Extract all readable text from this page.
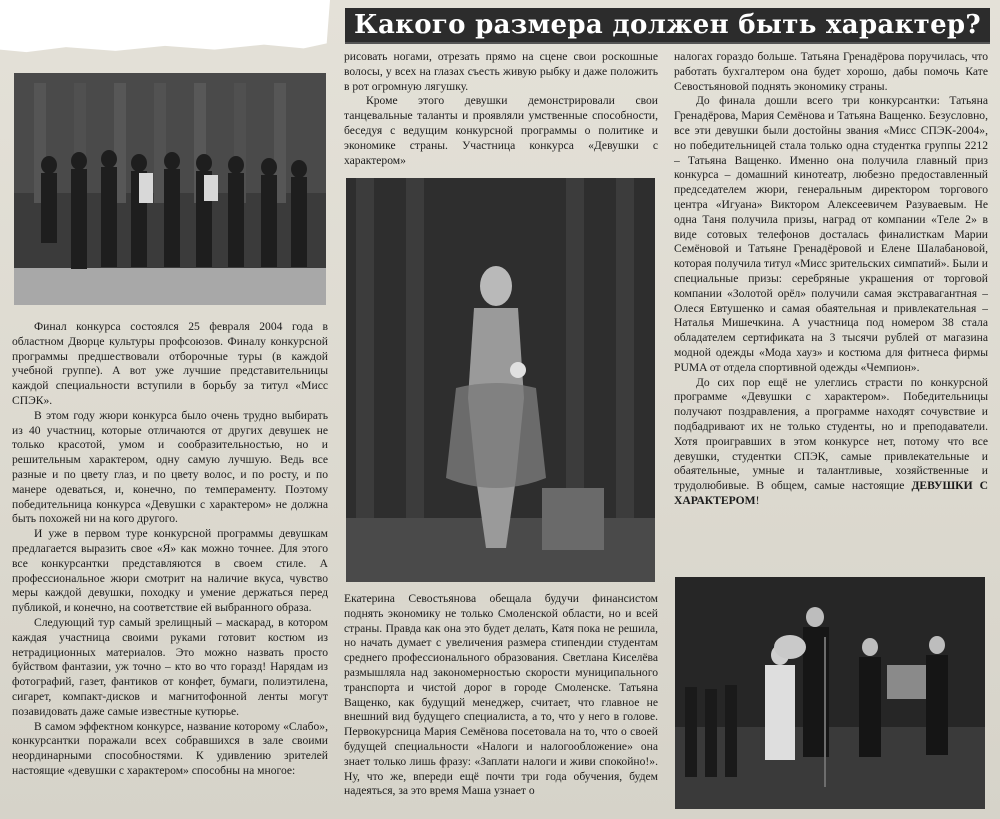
Какого размера должен быть характер?

Финал конкурса состоялся 25 февраля 2004 года в областном Дворце культуры профсоюзов. Финалу конкурсной программы предшествовали отборочные туры (в каждой учебной группе). А вот уже лучшие представительницы каждой специальности вступили в борьбу за титул «Мисс СПЭК».

В этом году жюри конкурса было очень трудно выбирать из 40 участниц, которые отличаются от других девушек не только красотой, умом и сообразительностью, но и решительным характером, одну самую лучшую. Ведь все разные и по цвету глаз, и по цвету волос, и по росту, и по манере одеваться, и, конечно, по темпераменту. Поэтому победительница конкурса «Девушки с характером» не должна быть похожей ни на кого другого.

И уже в первом туре конкурсной программы девушкам предлагается выразить свое «Я» как можно точнее. Для этого все конкурсантки представляются в своем стиле. А профессиональное жюри смотрит на наличие вкуса, чувство меры каждой девушки, походку и умение держаться перед публикой, и конечно, на соответствие ей выбранного образа.

Следующий тур самый зрелищный – маскарад, в котором каждая участница своими руками готовит костюм из нетрадиционных материалов. Это можно назвать просто буйством фантазии, уж точно – кто во что горазд! Нарядам из фотографий, газет, фантиков от конфет, бумаги, полиэтилена, сигарет, компакт-дисков и магнитофонной ленты могут позавидовать даже самые известные кутюрье.

В самом эффектном конкурсе, название которому «Слабо», конкурсантки поражали всех собравшихся в зале своими неординарными способностями. К удивлению зрителей настоящие «девушки с характером» способны на многое:

рисовать ногами, отрезать прямо на сцене свои роскошные волосы, у всех на глазах съесть живую рыбку и даже положить в рот огромную лягушку.

Кроме этого девушки демонстрировали свои танцевальные таланты и проявляли умственные способности, беседуя с ведущим конкурсной программы о политике и экономике страны. Участница конкурса «Девушки с характером»

Екатерина Севостьянова обещала будучи финансистом поднять экономику не только Смоленской области, но и всей страны. Правда как она это будет делать, Катя пока не решила, но начать думает с увеличения размера стипендии студентам среднего профессионального образования. Светлана Киселёва размышляла над закономерностью скорости муниципального транспорта и чистой дорог в городе Смоленске. Татьяна Ващенко, как будущий менеджер, считает, что главное не внешний вид будущего специалиста, а то, что у него в голове. Первокурсница Мария Семёнова посетовала на то, что о своей будущей специальности «Налоги и налогообложение» она знает только лишь фразу: «Заплати налоги и живи спокойно!». Ну, что же, впереди ещё почти три года обучения, будем надеяться, за это время Маша узнает о

налогах гораздо больше. Татьяна Гренадёрова поручилась, что работать бухгалтером она будет хорошо, дабы помочь Кате Севостьяновой поднять экономику страны.

До финала дошли всего три конкурсантки: Татьяна Гренадёрова, Мария Семёнова и Татьяна Ващенко. Безусловно, все эти девушки были достойны звания «Мисс СПЭК-2004», но победительницей стала только одна студентка группы 2212 – Татьяна Ващенко. Именно она получила главный приз конкурса – домашний кинотеатр, любезно предоставленный председателем жюри, генеральным директором торгового центра «Игуана» Виктором Алексеевичем Разуваевым. Не одна Таня получила призы, наград от компании «Теле 2» в виде сотовых телефонов досталась финалисткам Марии Семёновой и Татьяне Гренадёровой и Елене Шалабановой, которая получила титул «Мисс зрительских симпатий». Были и специальные призы: серебряные украшения от торговой компании «Золотой орёл» получили самая экстравагантная – Олеся Евтушенко и самая обаятельная и привлекательная – Наталья Мишечкина. А участница под номером 38 стала обладателем сертификата на 3 тысячи рублей от магазина модной одежды «Мода хауз» и костюма для фитнеса фирмы PUMA от отдела спортивной одежды «Чемпион».

До сих пор ещё не улеглись страсти по конкурсной программе «Девушки с характером». Победительницы получают поздравления, а программе находят сочувствие и подбадривают их не только студенты, но и преподаватели. Хотя проигравших в этом конкурсе нет, потому что все девушки, студентки СПЭК, самые привлекательные и обаятельные, умные и талантливые, хозяйственные и трудолюбивые. В общем, самые настоящие ДЕВУШКИ С ХАРАКТЕРОМ!
